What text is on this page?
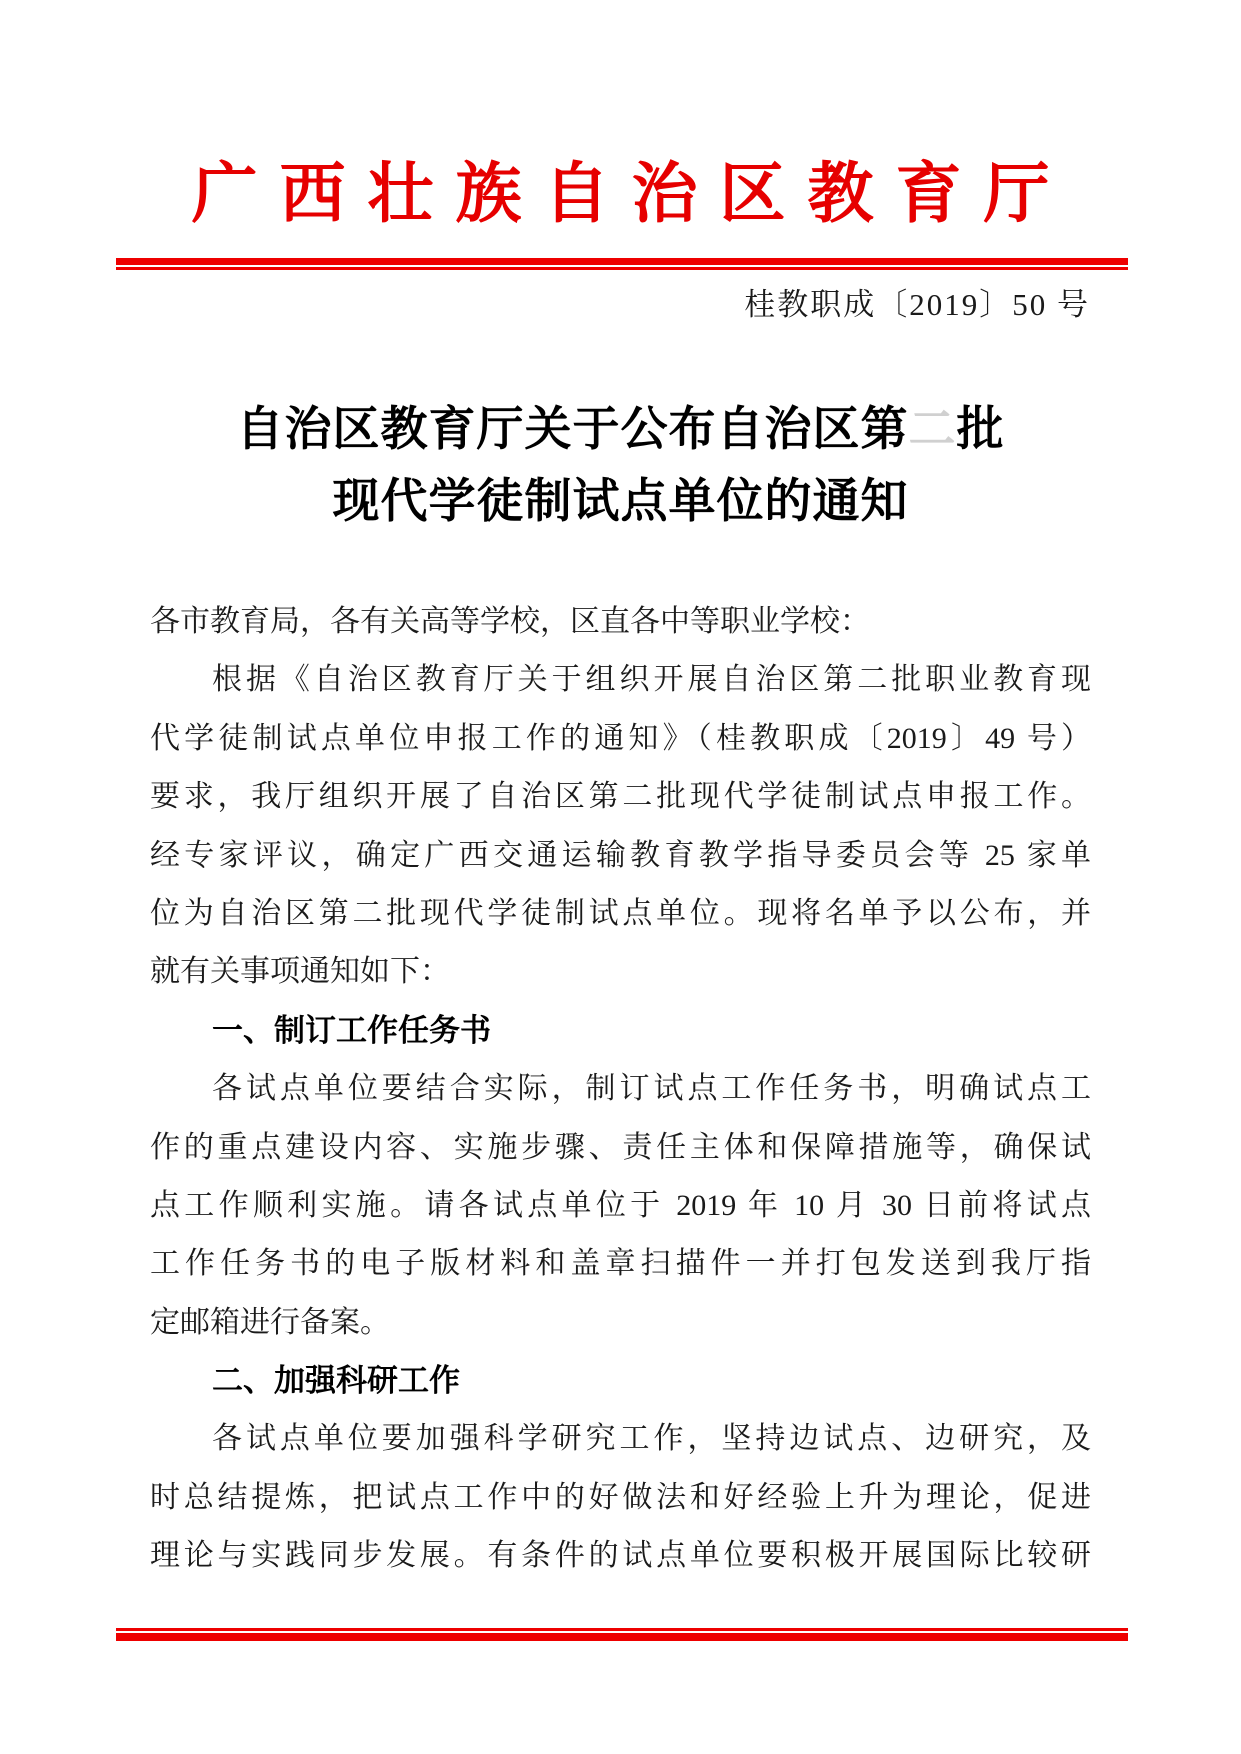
广西壮族自治区教育厅
桂教职成〔2019〕50 号
自治区教育厅关于公布自治区第二批
现代学徒制试点单位的通知
各市教育局，各有关高等学校，区直各中等职业学校：
根据《自治区教育厅关于组织开展自治区第二批职业教育现
代学徒制试点单位申报工作的通知》（桂教职成〔2019〕49 号）
要求，我厅组织开展了自治区第二批现代学徒制试点申报工作。
经专家评议，确定广西交通运输教育教学指导委员会等 25 家单
位为自治区第二批现代学徒制试点单位。现将名单予以公布，并
就有关事项通知如下：
一、制订工作任务书
各试点单位要结合实际，制订试点工作任务书，明确试点工
作的重点建设内容、实施步骤、责任主体和保障措施等，确保试
点工作顺利实施。请各试点单位于 2019 年 10 月 30 日前将试点
工作任务书的电子版材料和盖章扫描件一并打包发送到我厅指
定邮箱进行备案。
二、加强科研工作
各试点单位要加强科学研究工作，坚持边试点、边研究，及
时总结提炼，把试点工作中的好做法和好经验上升为理论，促进
理论与实践同步发展。有条件的试点单位要积极开展国际比较研
